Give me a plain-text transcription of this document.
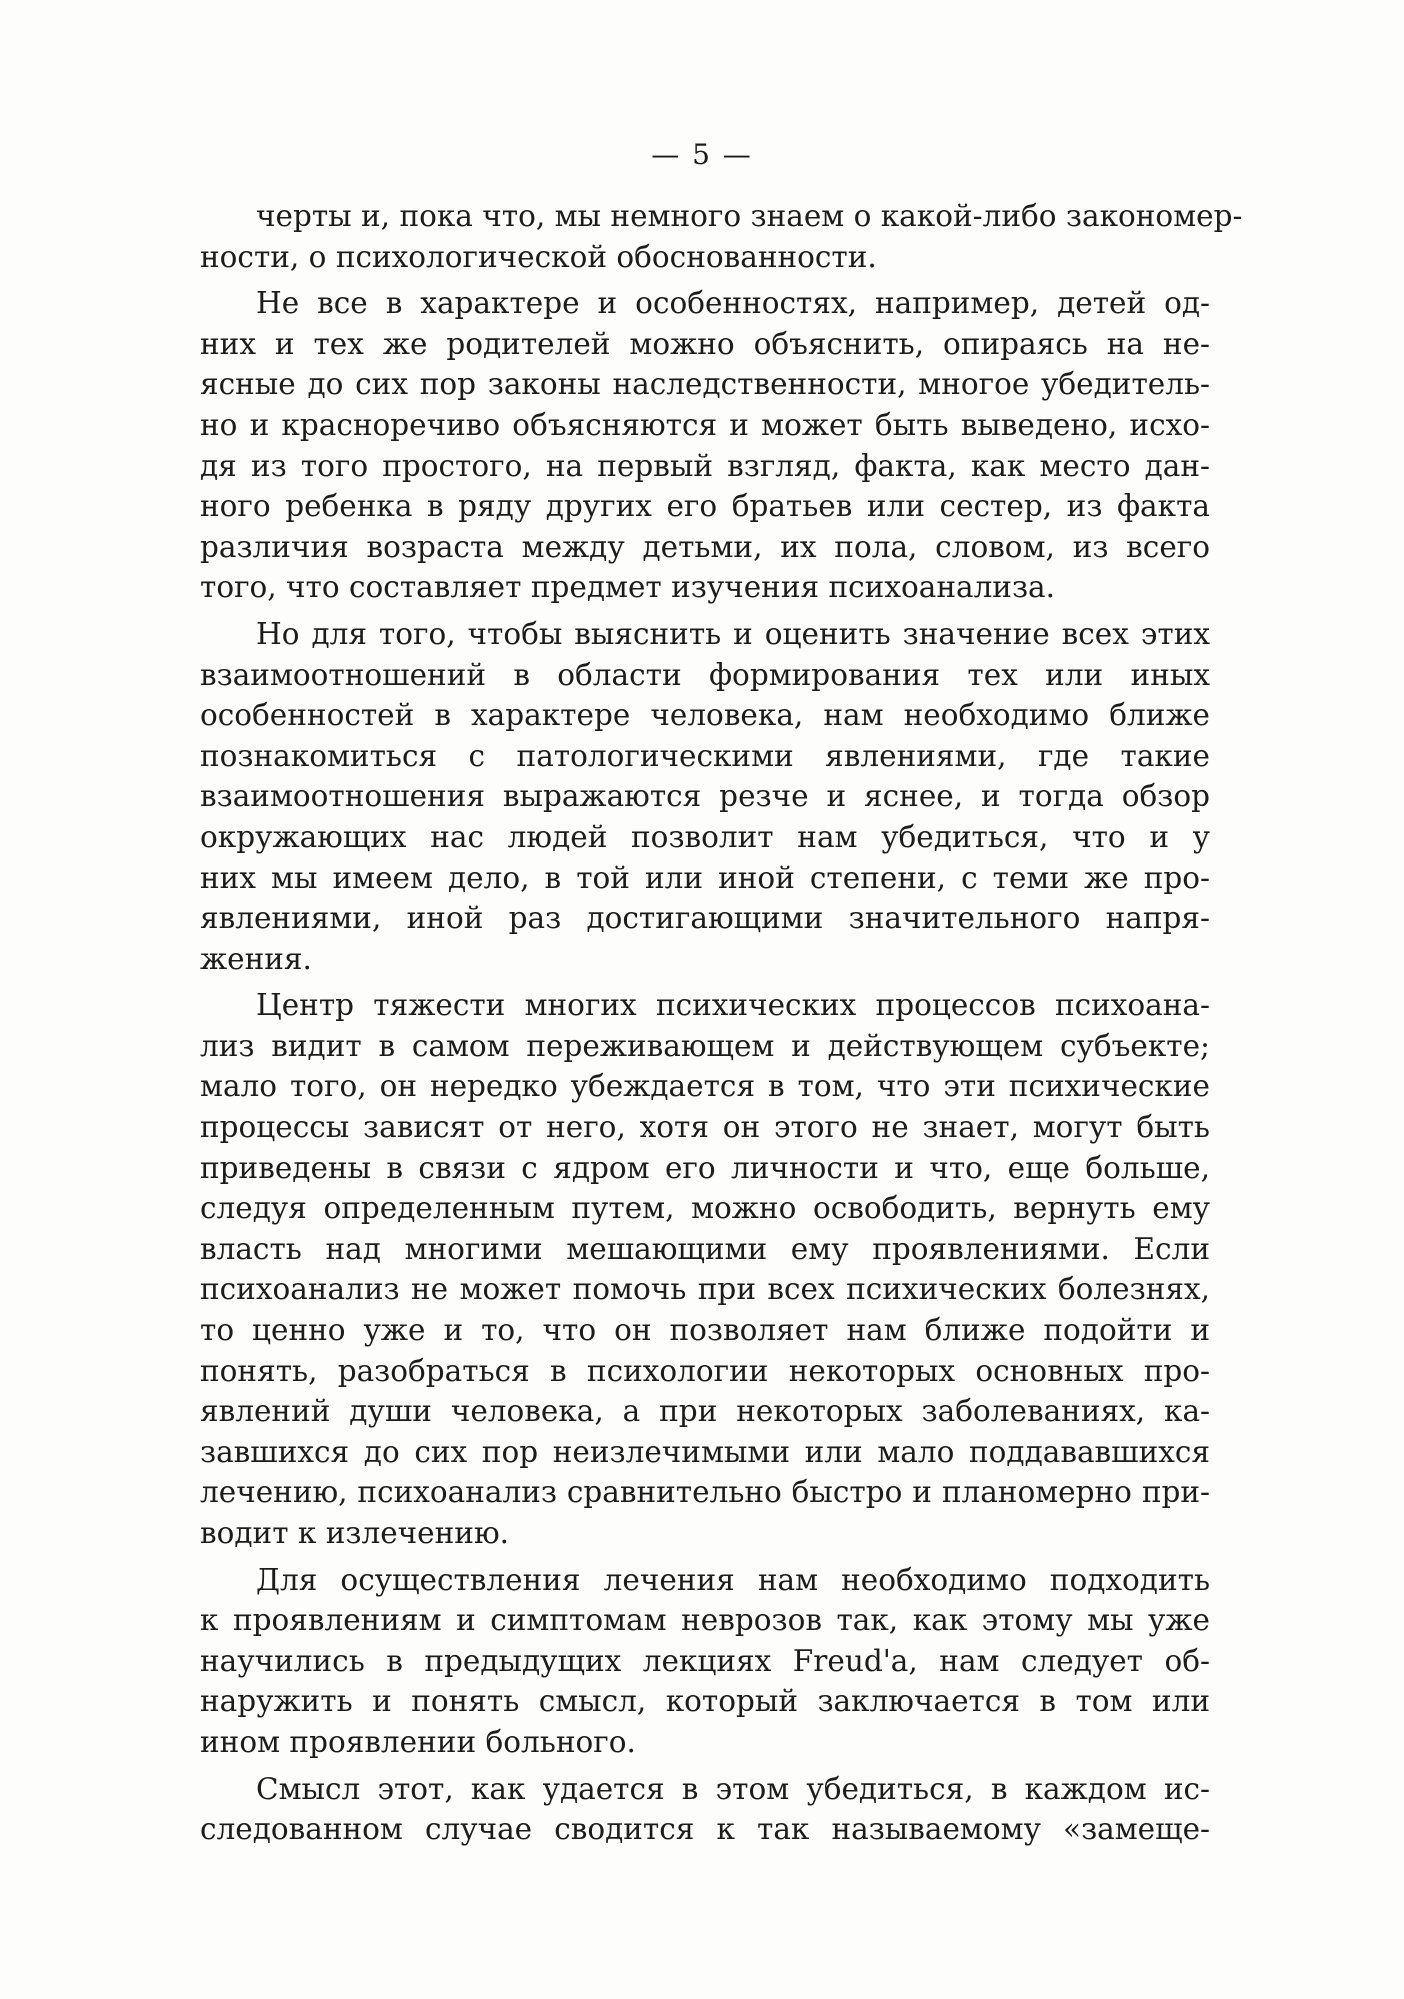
— 5 —
черты и, пока что, мы немного знаем о какой-либо закономер-
ности, о психологической обоснованности.
Не все в характере и особенностях, например, детей од-
них и тех же родителей можно объяснить, опираясь на не-
ясные до сих пор законы наследственности, многое убедитель-
но и красноречиво объясняются и может быть выведено, исхо-
дя из того простого, на первый взгляд, факта, как место дан-
ного ребенка в ряду других его братьев или сестер, из факта
различия возраста между детьми, их пола, словом, из всего
того, что составляет предмет изучения психоанализа.
Но для того, чтобы выяснить и оценить значение всех этих
взаимоотношений в области формирования тех или иных
особенностей в характере человека, нам необходимо ближе
познакомиться с патологическими явлениями, где такие
взаимоотношения выражаются резче и яснее, и тогда обзор
окружающих нас людей позволит нам убедиться, что и у
них мы имеем дело, в той или иной степени, с теми же про-
явлениями, иной раз достигающими значительного напря-
жения.
Центр тяжести многих психических процессов психоана-
лиз видит в самом переживающем и действующем субъекте;
мало того, он нередко убеждается в том, что эти психические
процессы зависят от него, хотя он этого не знает, могут быть
приведены в связи с ядром его личности и что, еще больше,
следуя определенным путем, можно освободить, вернуть ему
власть над многими мешающими ему проявлениями. Если
психоанализ не может помочь при всех психических болезнях,
то ценно уже и то, что он позволяет нам ближе подойти и
понять, разобраться в психологии некоторых основных про-
явлений души человека, а при некоторых заболеваниях, ка-
завшихся до сих пор неизлечимыми или мало поддававшихся
лечению, психоанализ сравнительно быстро и планомерно при-
водит к излечению.
Для осуществления лечения нам необходимо подходить
к проявлениям и симптомам неврозов так, как этому мы уже
научились в предыдущих лекциях Freud'а, нам следует об-
наружить и понять смысл, который заключается в том или
ином проявлении больного.
Смысл этот, как удается в этом убедиться, в каждом ис-
следованном случае сводится к так называемому «замеще-
